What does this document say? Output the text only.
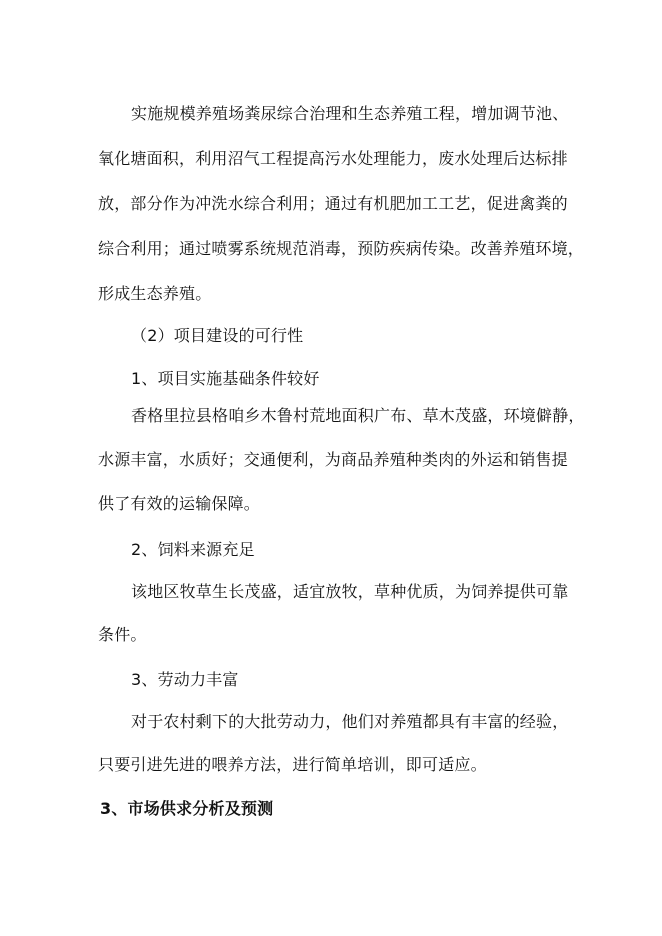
实施规模养殖场粪尿综合治理和生态养殖工程，增加调节池、
氧化塘面积，利用沼气工程提高污水处理能力，废水处理后达标排
放，部分作为冲洗水综合利用；通过有机肥加工工艺，促进禽粪的
综合利用；通过喷雾系统规范消毒，预防疾病传染。改善养殖环境，
形成生态养殖。
（2）项目建设的可行性
1、项目实施基础条件较好
香格里拉县格咱乡木鲁村荒地面积广布、草木茂盛，环境僻静，
水源丰富，水质好；交通便利，为商品养殖种类肉的外运和销售提
供了有效的运输保障。
2、饲料来源充足
该地区牧草生长茂盛，适宜放牧，草种优质，为饲养提供可靠
条件。
3、劳动力丰富
对于农村剩下的大批劳动力，他们对养殖都具有丰富的经验，
只要引进先进的喂养方法，进行简单培训，即可适应。
3、市场供求分析及预测
